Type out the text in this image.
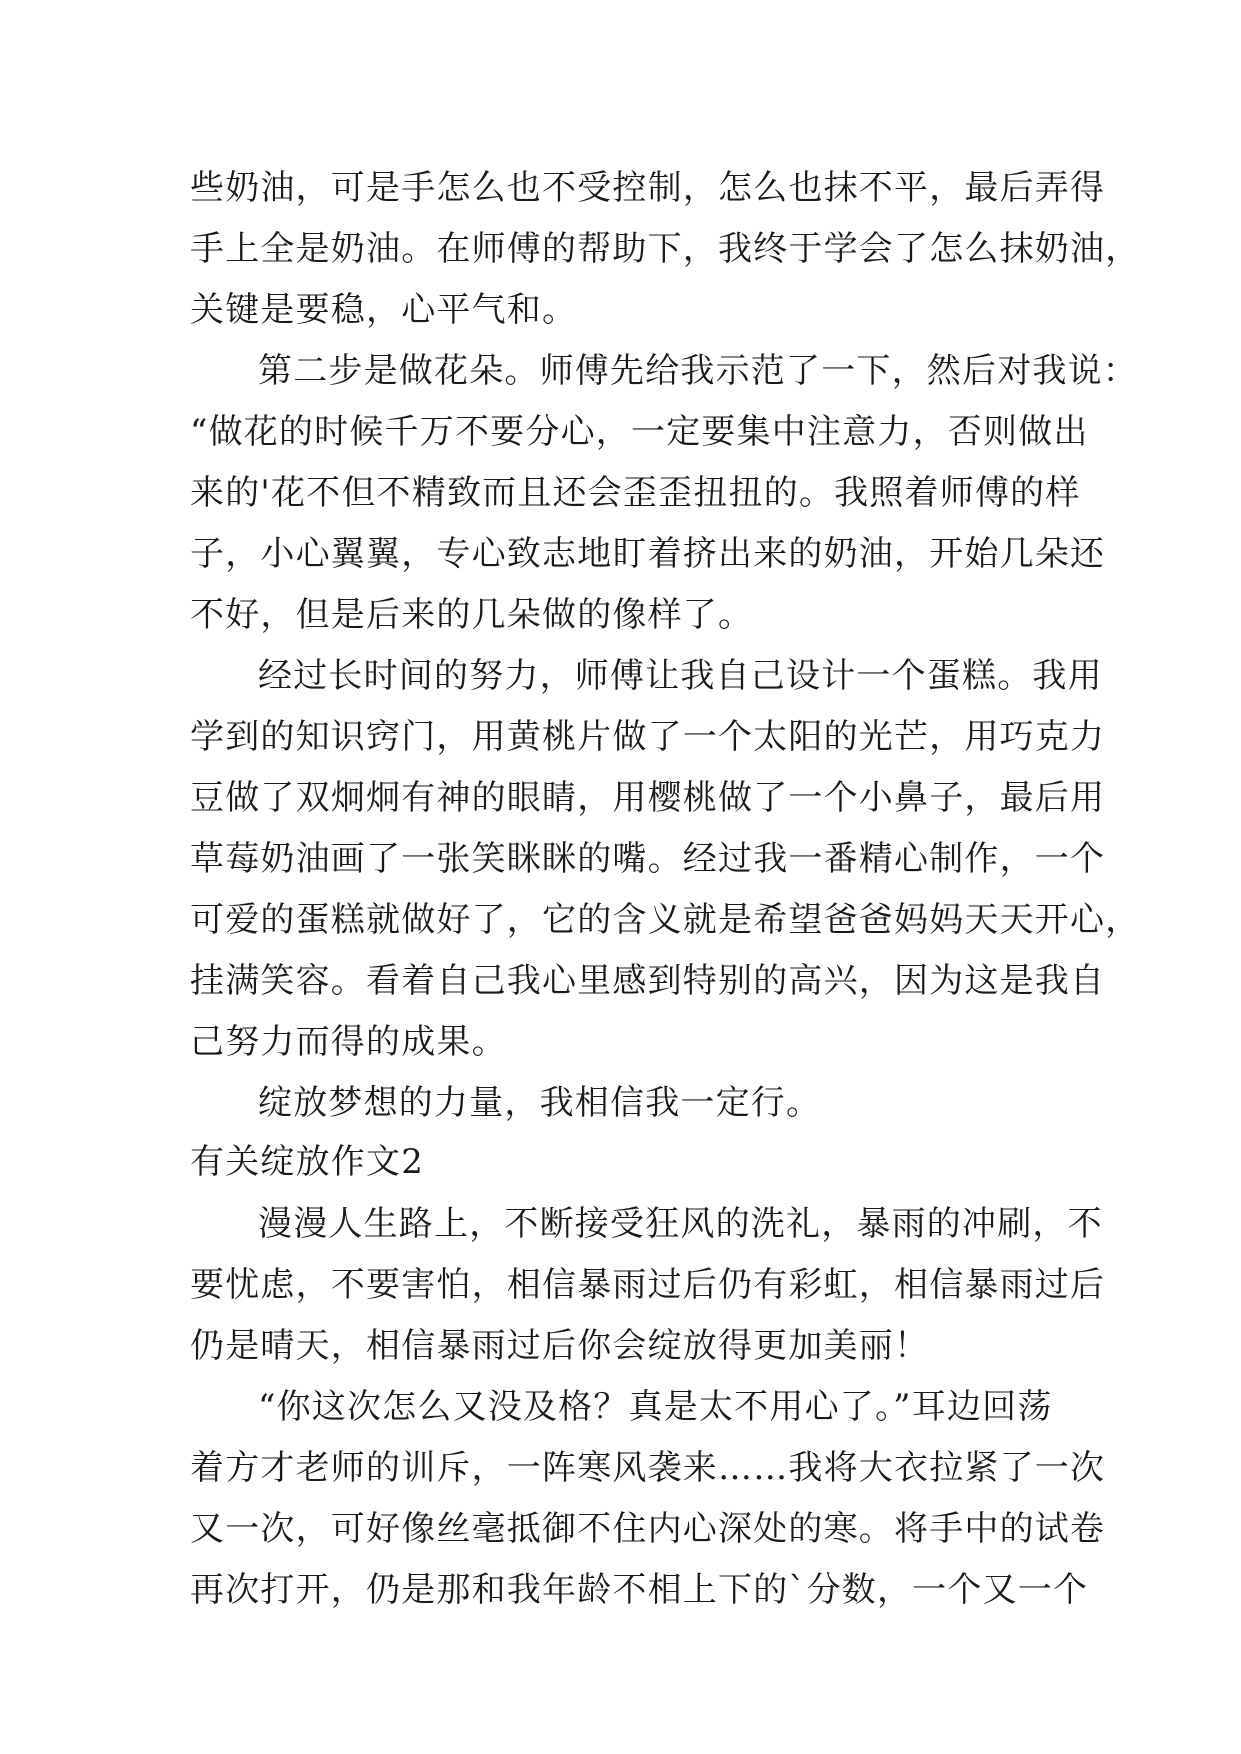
些奶油，可是手怎么也不受控制，怎么也抹不平，最后弄得
手上全是奶油。在师傅的帮助下，我终于学会了怎么抹奶油，
关键是要稳，心平气和。
第二步是做花朵。师傅先给我示范了一下，然后对我说：
“做花的时候千万不要分心，一定要集中注意力，否则做出
来的'花不但不精致而且还会歪歪扭扭的。我照着师傅的样
子，小心翼翼，专心致志地盯着挤出来的奶油，开始几朵还
不好，但是后来的几朵做的像样了。
经过长时间的努力，师傅让我自己设计一个蛋糕。我用
学到的知识窍门，用黄桃片做了一个太阳的光芒，用巧克力
豆做了双炯炯有神的眼睛，用樱桃做了一个小鼻子，最后用
草莓奶油画了一张笑眯眯的嘴。经过我一番精心制作，一个
可爱的蛋糕就做好了，它的含义就是希望爸爸妈妈天天开心，
挂满笑容。看着自己我心里感到特别的高兴，因为这是我自
己努力而得的成果。
绽放梦想的力量，我相信我一定行。
有关绽放作文2
漫漫人生路上，不断接受狂风的洗礼，暴雨的冲刷，不
要忧虑，不要害怕，相信暴雨过后仍有彩虹，相信暴雨过后
仍是晴天，相信暴雨过后你会绽放得更加美丽！
“你这次怎么又没及格？真是太不用心了。”耳边回荡
着方才老师的训斥，一阵寒风袭来……我将大衣拉紧了一次
又一次，可好像丝毫抵御不住内心深处的寒。将手中的试卷
再次打开，仍是那和我年龄不相上下的`分数，一个又一个
